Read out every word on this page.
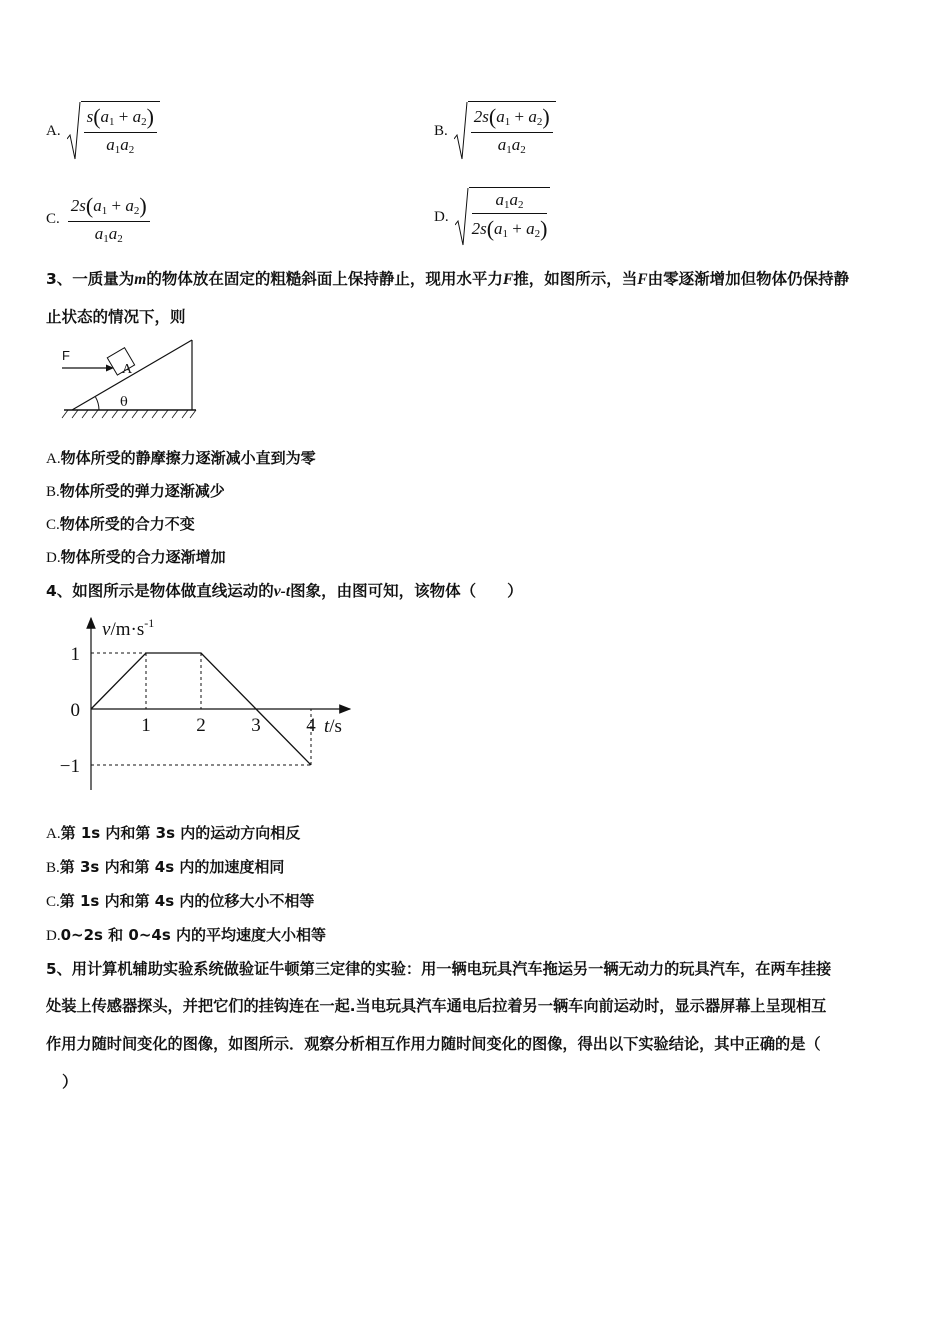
A. $\frac{s(a_1 + a_2)}{a_1a_2}$	B. $\frac{2s(a_1 + a_2)}{a_1a_2}$
C. $\frac{2s(a_1 + a_2)}{a_1a_2}$	D. $\frac{a_1a_2}{2s(a_1 + a_2)}$
3、一质量为m的物体放在固定的粗糙斜面上保持静止，现用水平力F推，如图所示，当F由零逐渐增加但物体仍保持静
止状态的情况下，则
A
F
θ
A.物体所受的静摩擦力逐渐减小直到为零
B.物体所受的弹力逐渐减少
C.物体所受的合力不变
D.物体所受的合力逐渐增加
4、如图所示是物体做直线运动的v-t图象，由图可知，该物体（　　）
$v/m\cdot s^{-1}$
t/s
1
0
−1
1 2 3 4
A.第 1s 内和第 3s 内的运动方向相反
B.第 3s 内和第 4s 内的加速度相同
C.第 1s 内和第 4s 内的位移大小不相等
D.0~2s 和 0~4s 内的平均速度大小相等
5、用计算机辅助实验系统做验证牛顿第三定律的实验：用一辆电玩具汽车拖运另一辆无动力的玩具汽车，在两车挂接
处装上传感器探头，并把它们的挂钩连在一起.当电玩具汽车通电后拉着另一辆车向前运动时，显示器屏幕上呈现相互
作用力随时间变化的图像，如图所示．观察分析相互作用力随时间变化的图像，得出以下实验结论，其中正确的是（
）
